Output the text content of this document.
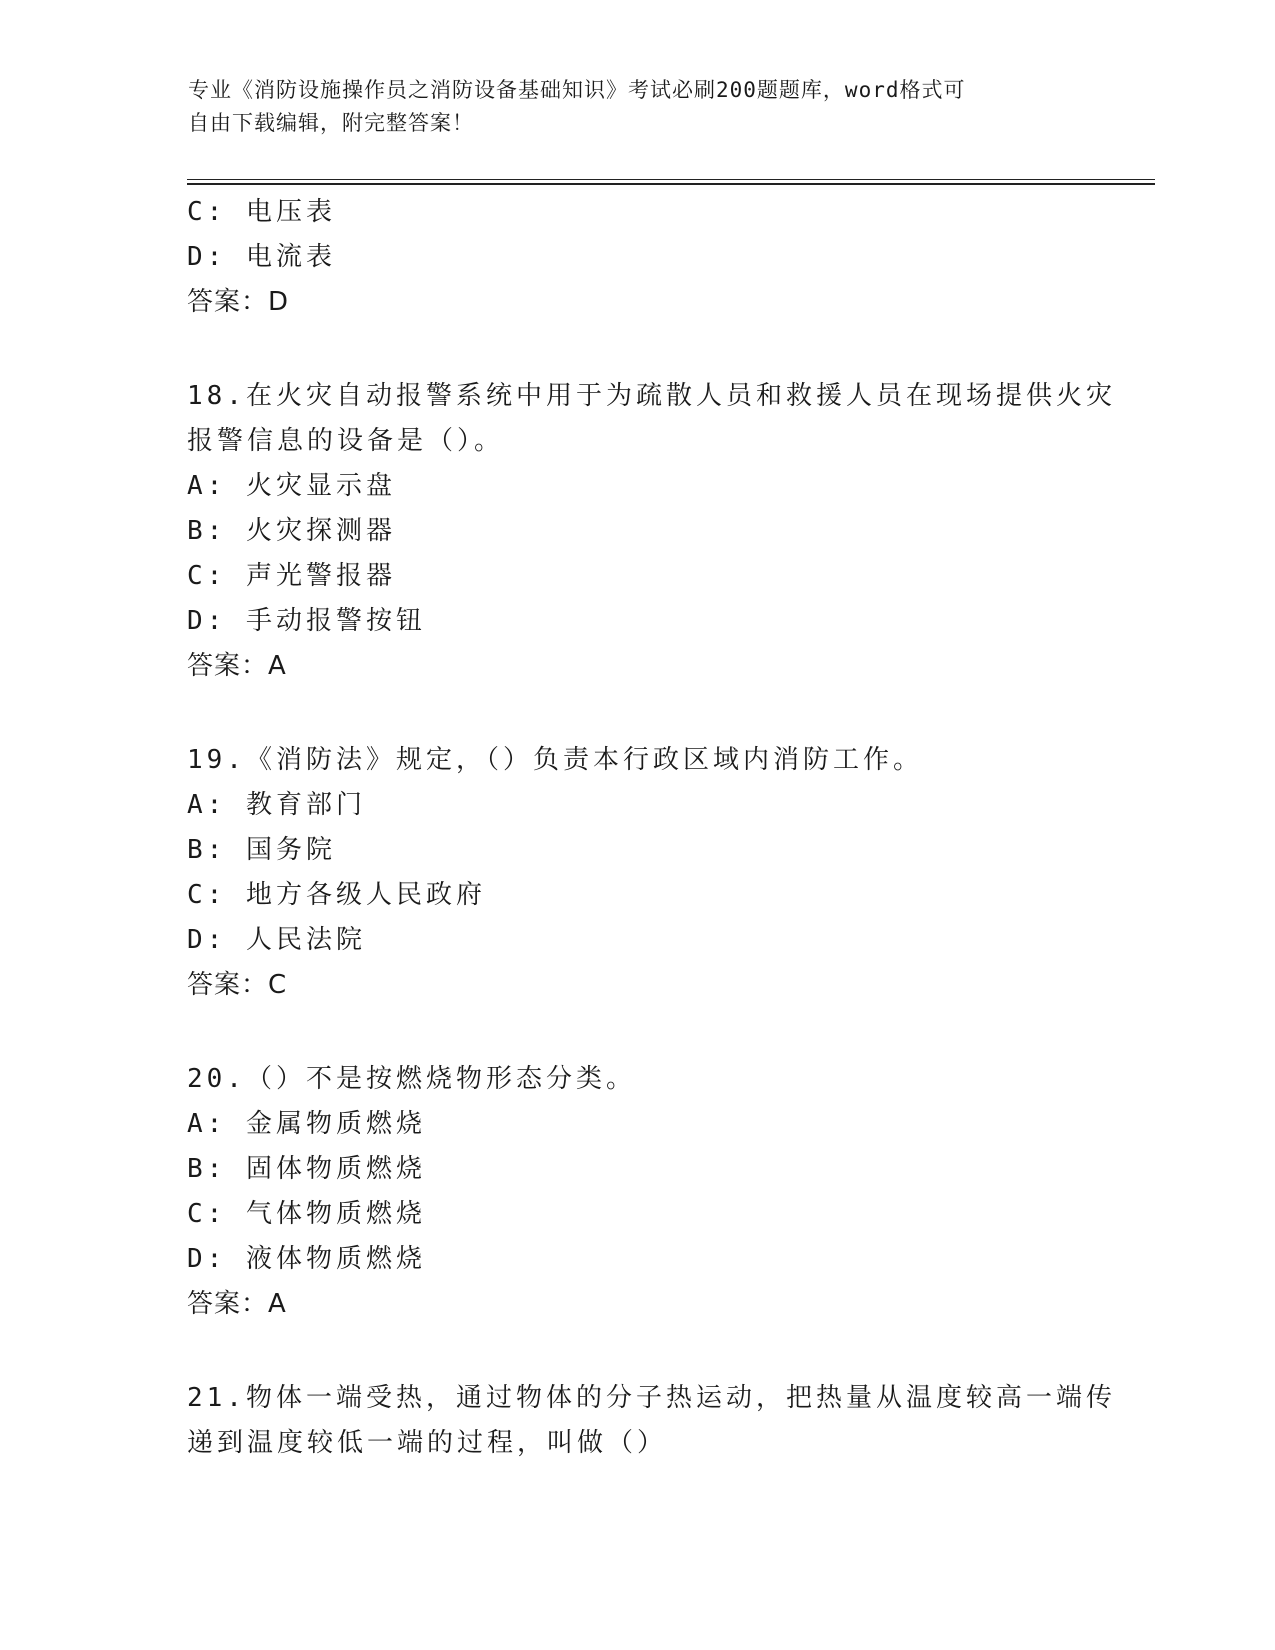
专业《消防设施操作员之消防设备基础知识》考试必刷200题题库，word格式可
自由下载编辑，附完整答案！
C: 电压表
D: 电流表
答案：D
18.在火灾自动报警系统中用于为疏散人员和救援人员在现场提供火灾
报警信息的设备是（）。
A: 火灾显示盘
B: 火灾探测器
C: 声光警报器
D: 手动报警按钮
答案：A
19.《消防法》规定，（）负责本行政区域内消防工作。
A: 教育部门
B: 国务院
C: 地方各级人民政府
D: 人民法院
答案：C
20.（）不是按燃烧物形态分类。
A: 金属物质燃烧
B: 固体物质燃烧
C: 气体物质燃烧
D: 液体物质燃烧
答案：A
21.物体一端受热，通过物体的分子热运动，把热量从温度较高一端传
递到温度较低一端的过程，叫做（）
